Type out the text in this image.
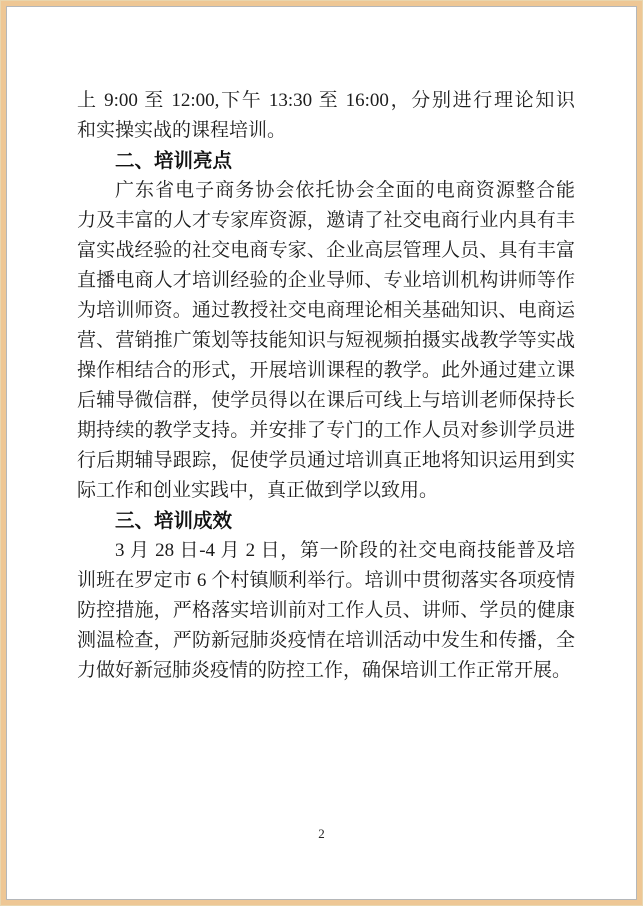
上 9:00 至 12:00,下午 13:30 至 16:00，分别进行理论知识
和实操实战的课程培训。
二、培训亮点
广东省电子商务协会依托协会全面的电商资源整合能
力及丰富的人才专家库资源，邀请了社交电商行业内具有丰
富实战经验的社交电商专家、企业高层管理人员、具有丰富
直播电商人才培训经验的企业导师、专业培训机构讲师等作
为培训师资。通过教授社交电商理论相关基础知识、电商运
营、营销推广策划等技能知识与短视频拍摄实战教学等实战
操作相结合的形式，开展培训课程的教学。此外通过建立课
后辅导微信群，使学员得以在课后可线上与培训老师保持长
期持续的教学支持。并安排了专门的工作人员对参训学员进
行后期辅导跟踪，促使学员通过培训真正地将知识运用到实
际工作和创业实践中，真正做到学以致用。
三、培训成效
3 月 28 日-4 月 2 日，第一阶段的社交电商技能普及培
训班在罗定市 6 个村镇顺利举行。培训中贯彻落实各项疫情
防控措施，严格落实培训前对工作人员、讲师、学员的健康
测温检查，严防新冠肺炎疫情在培训活动中发生和传播，全
力做好新冠肺炎疫情的防控工作，确保培训工作正常开展。
2
